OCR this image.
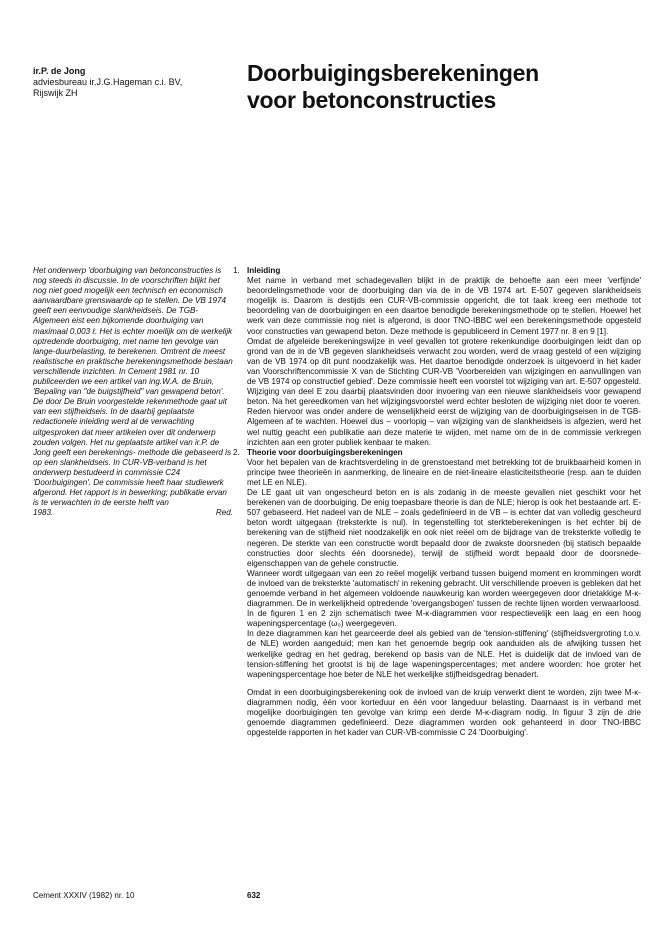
ir.P. de Jong
adviesbureau ir.J.G.Hageman c.i. BV,
Rijswijk ZH
Doorbuigingsberekeningen
voor betonconstructies
Het onderwerp 'doorbuiging van betonconstructies is nog steeds in discussie. In de voorschriften blijkt het nog niet goed mogelijk een technisch en economisch aanvaardbare grenswaarde op te stellen. De VB 1974 geeft een eenvoudige slankheidseis. De TGB-Algemeen eist een bijkomende doorbuiging van maximaal 0,003 ℓ. Het is echter moeilijk om de werkelijk optredende doorbuiging, met name ten gevolge van lange-duurbelasting, te berekenen. Omtrent de meest realistische en praktische berekeningsmethode bestaan verschillende inzichten. In Cement 1981 nr. 10 publiceerden we een artikel van ing.W.A. de Bruin, 'Bepaling van "de buigstijfheid" van gewapend beton'. De door De Bruin voorgestelde rekenmethode gaat uit van een stijfheidseis. In de daarbij geplaatste redactionele inleiding werd al de verwachting uitgesproken dat meer artikelen over dit onderwerp zouden volgen. Het nu geplaatste artikel van ir.P. de Jong geeft een berekenings- methode die gebaseerd is op een slankheidseis. In CUR-VB-verband is het onderwerp bestudeerd in commissie C24 'Doorbuigingen'. De commissie heeft haar studiewerk afgerond. Het rapport is in bewerking; publikatie ervan is te verwachten in de eerste helft van
1983.	Red.
1. Inleiding

Met name in verband met schadegevallen blijkt in de praktijk de behoefte aan een meer 'verfijnde' beoordelingsmethode voor de doorbuiging dan via de in de VB 1974 art. E-507 gegeven slankheidseis mogelijk is. Daarom is destijds een CUR-VB-commissie opgericht, die tot taak kreeg een methode tot beoordeling van de doorbuigingen en een daartoe benodigde berekeningsmethode op te stellen. Hoewel het werk van deze commissie nog niet is afgerond, is door TNO-IBBC wel een berekeningsmethode opgesteld voor constructies van gewapend beton. Deze methode is gepubliceerd in Cement 1977 nr. 8 en 9 [1].

Omdat de afgeleide berekeningswijze in veel gevallen tot grotere rekenkundige doorbuigingen leidt dan op grond van de in de VB gegeven slankheidseis verwacht zou worden, werd de vraag gesteld of een wijziging van de VB 1974 op dit punt noodzakelijk was. Het daartoe benodigde onderzoek is uitgevoerd in het kader van Voorschriftencommissie X van de Stichting CUR-VB 'Voorbereiden van wijzigingen en aanvullingen van de VB 1974 op constructief gebied'. Deze commissie heeft een voorstel tot wijziging van art. E-507 opgesteld. Wijziging van deel E zou daarbij plaatsvinden door invoering van een nieuwe slankheidseis voor gewapend beton. Na het gereedkomen van het wijzigingsvoorstel werd echter besloten de wijziging niet door te voeren. Reden hiervoor was onder andere de wenselijkheid eerst de wijziging van de doorbuigingseisen in de TGB-Algemeen af te wachten. Hoewel dus – voorlopig – van wijziging van de slankheidseis is afgezien, werd het wel nuttig geacht een publikatie aan deze materie te wijden, met name om de in de commissie verkregen inzichten aan een groter publiek kenbaar te maken.

2. Theorie voor doorbuigingsberekeningen

Voor het bepalen van de krachtsverdeling in de grenstoestand met betrekking tot de bruikbaarheid komen in principe twee theorieën in aanmerking, de lineaire en de niet-lineaire elasticiteitstheorie (resp. aan te duiden met LE en NLE).

De LE gaat uit van ongescheurd beton en is als zodanig in de meeste gevallen niet geschikt voor het berekenen van de doorbuiging. De enig toepasbare theorie is dan de NLE; hierop is ook het bestaande art. E-507 gebaseerd. Het nadeel van de NLE – zoals gedefinieerd in de VB – is echter dat van volledig gescheurd beton wordt uitgegaan (treksterkte is nul). In tegenstelling tot sterkteberekeningen is het echter bij de berekening van de stijfheid niet noodzakelijk en ook niet reëel om de bijdrage van de treksterkte volledig te negeren. De sterkte van een constructie wordt bepaald door de zwakste doorsneden (bij statisch bepaalde constructies door slechts één doorsnede), terwijl de stijfheid wordt bepaald door de doorsnede-eigenschappen van de gehele constructie.

Wanneer wordt uitgegaan van een zo reëel mogelijk verband tussen buigend moment en krommingen wordt de invloed van de treksterkte 'automatisch' in rekening gebracht. Uit verschillende proeven is gebleken dat het genoemde verband in het algemeen voldoende nauwkeurig kan worden weergegeven door drietakkige M-κ-diagrammen. De in werkelijkheid optredende 'overgangsbogen' tussen de rechte lijnen worden verwaarloosd. In de figuren 1 en 2 zijn schematisch twee M-κ-diagrammen voor respectievelijk een laag en een hoog wapeningspercentage (ω₀) weergegeven.

In deze diagrammen kan het gearceerde deel als gebied van de 'tension-stiffening' (stijfheidsvergroting t.o.v. de NLE) worden aangeduid; men kan het genoemde begrip ook aanduiden als de afwijking tussen het werkelijke gedrag en het gedrag, berekend op basis van de NLE. Het is duidelijk dat de invloed van de tension-stiffening het grootst is bij de lage wapeningspercentages; met andere woorden: hoe groter het wapeningspercentage hoe beter de NLE het werkelijke stijfheidsgedrag benadert.

Omdat in een doorbuigingsberekening ook de invloed van de kruip verwerkt dient te worden, zijn twee M-κ-diagrammen nodig, één voor korteduur en één voor langeduur belasting. Daarnaast is in verband met mogelijke doorbuigingen ten gevolge van krimp een derde M-κ-diagram nodig. In figuur 3 zijn de drie genoemde diagrammen gedefinieerd. Deze diagrammen worden ook gehanteerd in door TNO-IBBC opgestelde rapporten in het kader van CUR-VB-commissie C 24 'Doorbuiging'.

Cement XXXIV (1982) nr. 10	632
